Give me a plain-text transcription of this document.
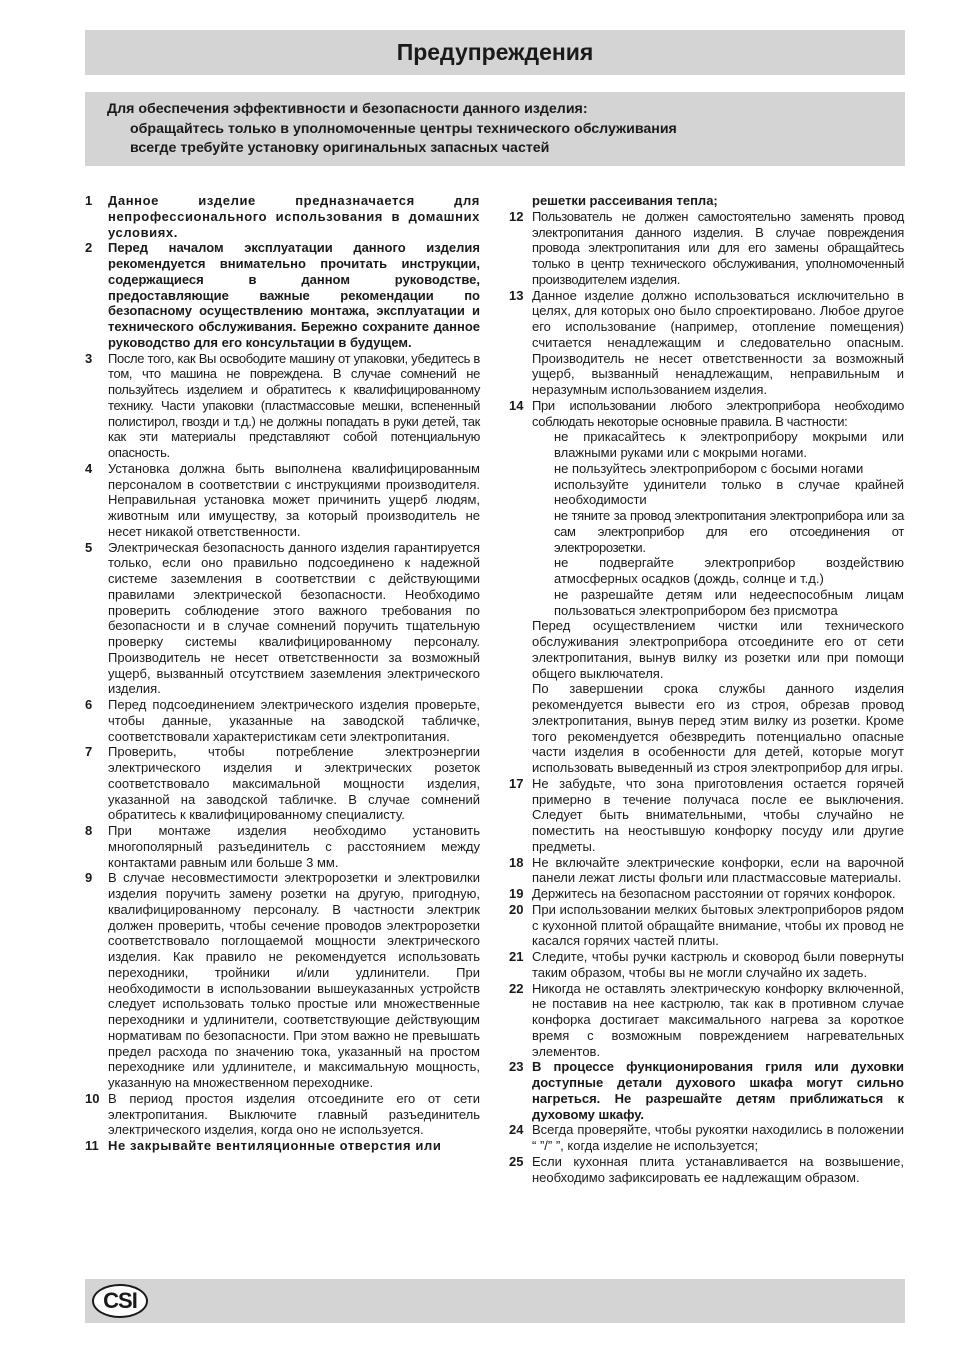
Предупреждения
Для обеспечения эффективности и безопасности данного изделия:
обращайтесь только в уполномоченные центры технического обслуживания
всегде требуйте установку оригинальных запасных частей
1 Данное изделие предназначается для непрофессионального использования в домашних условиях.
2 Перед началом эксплуатации данного изделия рекомендуется внимательно прочитать инструкции, содержащиеся в данном руководстве, предоставляющие важные рекомендации по безопасному осуществлению монтажа, эксплуатации и технического обслуживания. Бережно сохраните данное руководство для его консультации в будущем.
3 После того, как Вы освободите машину от упаковки, убедитесь в том, что машина не повреждена. В случае сомнений не пользуйтесь изделием и обратитесь к квалифицированному технику. Части упаковки (пластмассовые мешки, вспененный полистирол, гвозди и т.д.) не должны попадать в руки детей, так как эти материалы представляют собой потенциальную опасность.
4 Установка должна быть выполнена квалифицированным персоналом в соответствии с инструкциями производителя. Неправильная установка может причинить ущерб людям, животным или имуществу, за который производитель не несет никакой ответственности.
5 Электрическая безопасность данного изделия гарантируется только, если оно правильно подсоединено к надежной системе заземления в соответствии с действующими правилами электрической безопасности. Необходимо проверить соблюдение этого важного требования по безопасности и в случае сомнений поручить тщательную проверку системы квалифицированному персоналу. Производитель не несет ответственности за возможный ущерб, вызванный отсутствием заземления электрического изделия.
6 Перед подсоединением электрического изделия проверьте, чтобы данные, указанные на заводской табличке, соответствовали характеристикам сети электропитания.
7 Проверить, чтобы потребление электроэнергии электрического изделия и электрических розеток соответствовало максимальной мощности изделия, указанной на заводской табличке. В случае сомнений обратитесь к квалифицированному специалисту.
8 При монтаже изделия необходимо установить многополярный разъединитель с расстоянием между контактами равным или больше 3 мм.
9 В случае несовместимости электророзетки и электровилки изделия поручить замену розетки на другую, пригодную, квалифицированному персоналу. В частности электрик должен проверить, чтобы сечение проводов электророзетки соответствовало поглощаемой мощности электрического изделия. Как правило не рекомендуется использовать переходники, тройники и/или удлинители. При необходимости в использовании вышеуказанных устройств следует использовать только простые или множественные переходники и удлинители, соответствующие действующим нормативам по безопасности. При этом важно не превышать предел расхода по значению тока, указанный на простом переходнике или удлинителе, и максимальную мощность, указанную на множественном переходнике.
10 В период простоя изделия отсоедините его от сети электропитания. Выключите главный разъединитель электрического изделия, когда оно не используется.
11 Не закрывайте вентиляционные отверстия или
решетки рассеивания тепла;
12 Пользователь не должен самостоятельно заменять провод электропитания данного изделия. В случае повреждения провода электропитания или для его замены обращайтесь только в центр технического обслуживания, уполномоченный производителем изделия.
13 Данное изделие должно использоваться исключительно в целях, для которых оно было спроектировано. Любое другое его использование (например, отопление помещения) считается ненадлежащим и следовательно опасным. Производитель не несет ответственности за возможный ущерб, вызванный ненадлежащим, неправильным и неразумным использованием изделия.
14 При использовании любого электроприбора необходимо соблюдать некоторые основные правила. В частности:
не прикасайтесь к электроприбору мокрыми или влажными руками или с мокрыми ногами.
не пользуйтесь электроприбором с босыми ногами
используйте удинители только в случае крайней необходимости
не тяните за провод электропитания электроприбора или за сам электроприбор для его отсоединения от электророзетки.
не подвергайте электроприбор воздействию атмосферных осадков (дождь, солнце и т.д.)
не разрешайте детям или недееспособным лицам пользоваться электроприбором без присмотра
Перед осуществлением чистки или технического обслуживания электроприбора отсоедините его от сети электропитания, вынув вилку из розетки или при помощи общего выключателя.
По завершении срока службы данного изделия рекомендуется вывести его из строя, обрезав провод электропитания, вынув перед этим вилку из розетки. Кроме того рекомендуется обезвредить потенциально опасные части изделия в особенности для детей, которые могут использовать выведенный из строя электроприбор для игры.
17 Не забудьте, что зона приготовления остается горячей примерно в течение получаса после ее выключения. Следует быть внимательными, чтобы случайно не поместить на неостывшую конфорку посуду или другие предметы.
18 Не включайте электрические конфорки, если на варочной панели лежат листы фольги или пластмассовые материалы.
19 Держитесь на безопасном расстоянии от горячих конфорок.
20 При использовании мелких бытовых электроприборов рядом с кухонной плитой обращайте внимание, чтобы их провод не касался горячих частей плиты.
21 Следите, чтобы ручки кастрюль и сковород были повернуты таким образом, чтобы вы не могли случайно их задеть.
22 Никогда не оставлять электрическую конфорку включенной, не поставив на нее кастрюлю, так как в противном случае конфорка достигает максимального нагрева за короткое время с возможным повреждением нагревательных элементов.
23 В процессе функционирования гриля или духовки доступные детали духового шкафа могут сильно нагреться. Не разрешайте детям приближаться к духовому шкафу.
24 Всегда проверяйте, чтобы рукоятки находились в положении “ ”/” ”, когда изделие не используется;
25 Если кухонная плита устанавливается на возвышение, необходимо зафиксировать ее надлежащим образом.
CSI
